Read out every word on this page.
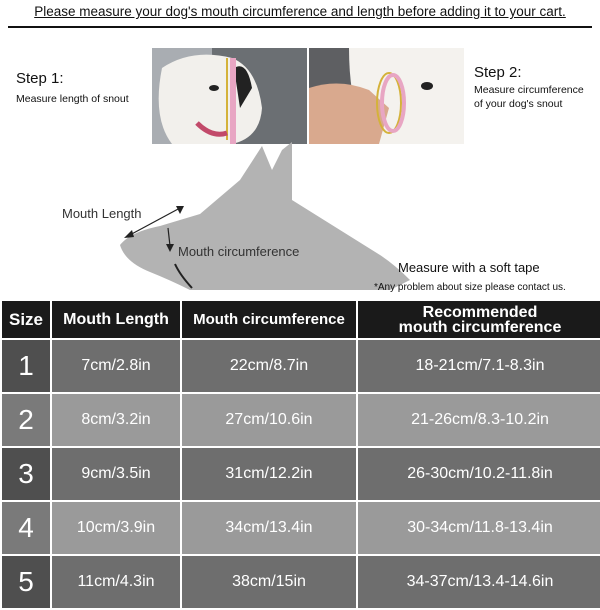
Please measure your dog's mouth circumference and length before adding it to your cart.
Step 1:
Measure length of snout
Step 2:
Measure circumference
of your dog's snout
Mouth Length
Mouth circumference
Measure with a soft tape
*Any problem about size please contact us.
Size	Mouth Length	Mouth circumference	Recommended
mouth circumference

1	7cm/2.8in	22cm/8.7in	18-21cm/7.1-8.3in
2	8cm/3.2in	27cm/10.6in	21-26cm/8.3-10.2in
3	9cm/3.5in	31cm/12.2in	26-30cm/10.2-11.8in
4	10cm/3.9in	34cm/13.4in	30-34cm/11.8-13.4in
5	11cm/4.3in	38cm/15in	34-37cm/13.4-14.6in
